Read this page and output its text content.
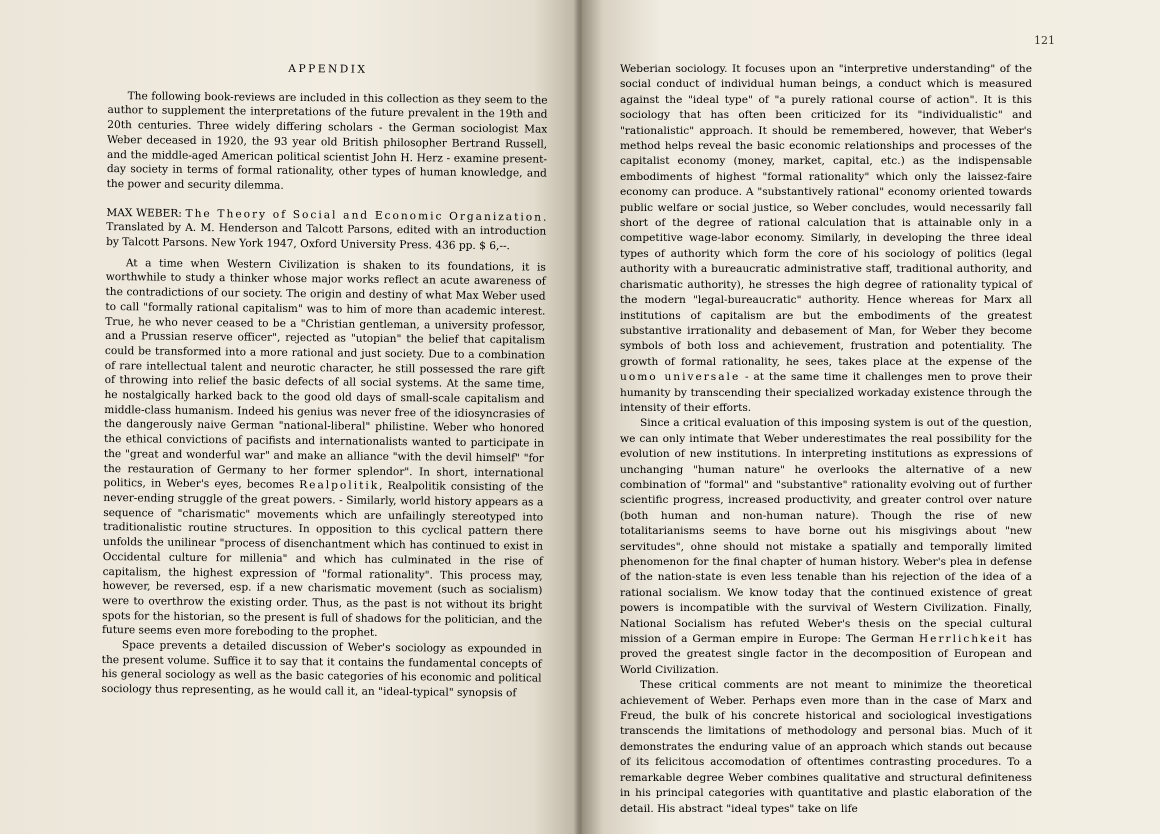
APPENDIX

The following book-reviews are included in this collection as they seem to the author to supplement the interpretations of the future prevalent in the 19th and 20th centuries. Three widely differing scholars - the German sociologist Max Weber deceased in 1920, the 93 year old British philosopher Bertrand Russell, and the middle-aged American political scientist John H. Herz - examine present-day society in terms of formal rationality, other types of human knowledge, and the power and security dilemma.

MAX WEBER: The Theory of Social and Economic Organization. Translated by A. M. Henderson and Talcott Parsons, edited with an introduction by Talcott Parsons. New York 1947, Oxford University Press. 436 pp. $ 6,--.

At a time when Western Civilization is shaken to its foundations, it is worthwhile to study a thinker whose major works reflect an acute awareness of the contradictions of our society. The origin and destiny of what Max Weber used to call "formally rational capitalism" was to him of more than academic interest. True, he who never ceased to be a "Christian gentleman, a university professor, and a Prussian reserve officer", rejected as "utopian" the belief that capitalism could be transformed into a more rational and just society. Due to a combination of rare intellectual talent and neurotic character, he still possessed the rare gift of throwing into relief the basic defects of all social systems. At the same time, he nostalgically harked back to the good old days of small-scale capitalism and middle-class humanism. Indeed his genius was never free of the idiosyncrasies of the dangerously naive German "national-liberal" philistine. Weber who honored the ethical convictions of pacifists and internationalists wanted to participate in the "great and wonderful war" and make an alliance "with the devil himself" "for the restauration of Germany to her former splendor". In short, international politics, in Weber's eyes, becomes Realpolitik, Realpolitik consisting of the never-ending struggle of the great powers. - Similarly, world history appears as a sequence of "charismatic" movements which are unfailingly stereotyped into traditionalistic routine structures. In opposition to this cyclical pattern there unfolds the unilinear "process of disenchantment which has continued to exist in Occidental culture for millenia" and which has culminated in the rise of capitalism, the highest expression of "formal rationality". This process may, however, be reversed, esp. if a new charismatic movement (such as socialism) were to overthrow the existing order. Thus, as the past is not without its bright spots for the historian, so the present is full of shadows for the politician, and the future seems even more foreboding to the prophet.

Space prevents a detailed discussion of Weber's sociology as expounded in the present volume. Suffice it to say that it contains the fundamental concepts of his general sociology as well as the basic categories of his economic and political sociology thus representing, as he would call it, an "ideal-typical" synopsis of

121

Weberian sociology. It focuses upon an "interpretive understanding" of the social conduct of individual human beings, a conduct which is measured against the "ideal type" of "a purely rational course of action". It is this sociology that has often been criticized for its "individualistic" and "rationalistic" approach. It should be remembered, however, that Weber's method helps reveal the basic economic relationships and processes of the capitalist economy (money, market, capital, etc.) as the indispensable embodiments of highest "formal rationality" which only the laissez-faire economy can produce. A "substantively rational" economy oriented towards public welfare or social justice, so Weber concludes, would necessarily fall short of the degree of rational calculation that is attainable only in a competitive wage-labor economy. Similarly, in developing the three ideal types of authority which form the core of his sociology of politics (legal authority with a bureaucratic administrative staff, traditional authority, and charismatic authority), he stresses the high degree of rationality typical of the modern "legal-bureaucratic" authority. Hence whereas for Marx all institutions of capitalism are but the embodiments of the greatest substantive irrationality and debasement of Man, for Weber they become symbols of both loss and achievement, frustration and potentiality. The growth of formal rationality, he sees, takes place at the expense of the uomo universale - at the same time it challenges men to prove their humanity by transcending their specialized workaday existence through the intensity of their efforts.

Since a critical evaluation of this imposing system is out of the question, we can only intimate that Weber underestimates the real possibility for the evolution of new institutions. In interpreting institutions as expressions of unchanging "human nature" he overlooks the alternative of a new combination of "formal" and "substantive" rationality evolving out of further scientific progress, increased productivity, and greater control over nature (both human and non-human nature). Though the rise of new totalitarianisms seems to have borne out his misgivings about "new servitudes", ohne should not mistake a spatially and temporally limited phenomenon for the final chapter of human history. Weber's plea in defense of the nation-state is even less tenable than his rejection of the idea of a rational socialism. We know today that the continued existence of great powers is incompatible with the survival of Western Civilization. Finally, National Socialism has refuted Weber's thesis on the special cultural mission of a German empire in Europe: The German Herrlichkeit has proved the greatest single factor in the decomposition of European and World Civilization.

These critical comments are not meant to minimize the theoretical achievement of Weber. Perhaps even more than in the case of Marx and Freud, the bulk of his concrete historical and sociological investigations transcends the limitations of methodology and personal bias. Much of it demonstrates the enduring value of an approach which stands out because of its felicitous accomodation of oftentimes contrasting procedures. To a remarkable degree Weber combines qualitative and structural definiteness in his principal categories with quantitative and plastic elaboration of the detail. His abstract "ideal types" take on life
